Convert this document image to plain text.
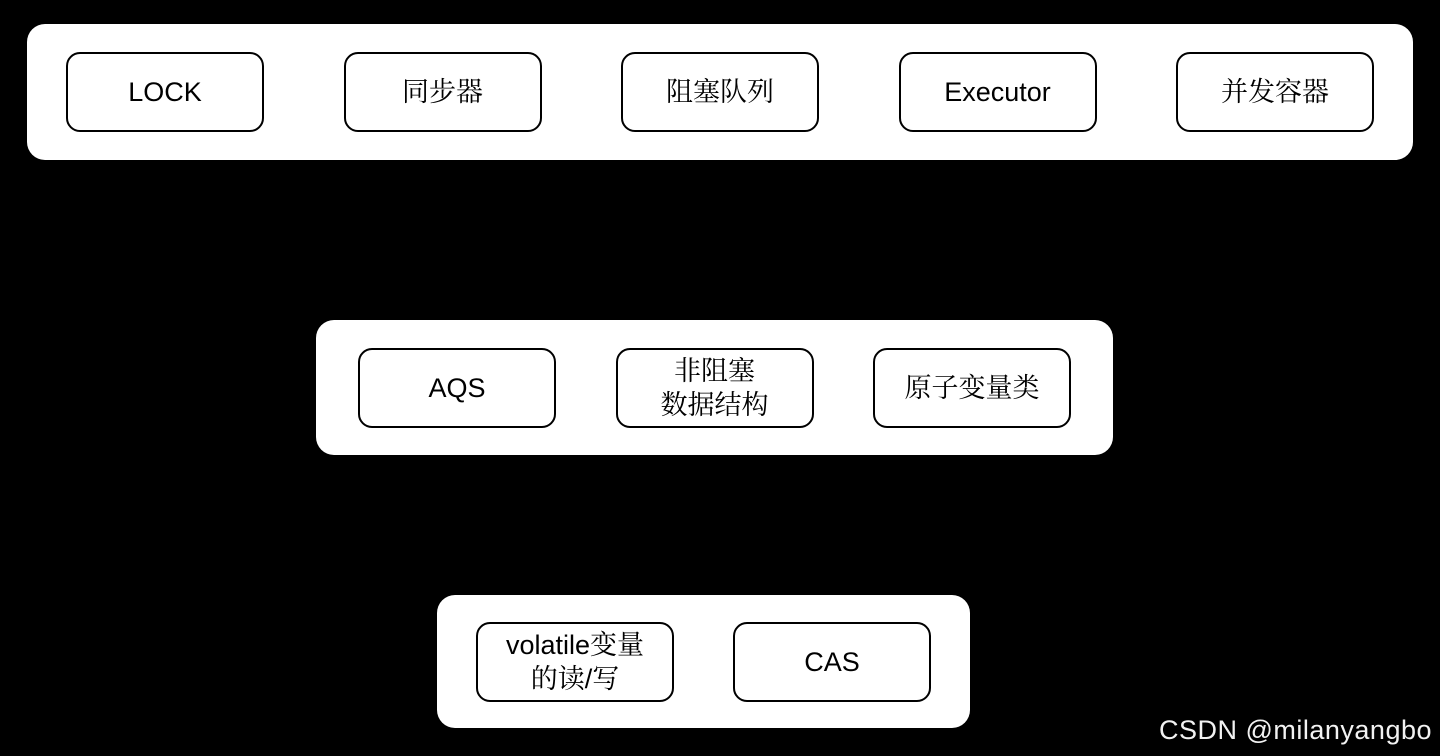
LOCK	同步器	阻塞队列	Executor	并发容器
AQS
非阻塞
数据结构
原子变量类
volatile变量
的读/写
CAS
CSDN @milanyangbo
